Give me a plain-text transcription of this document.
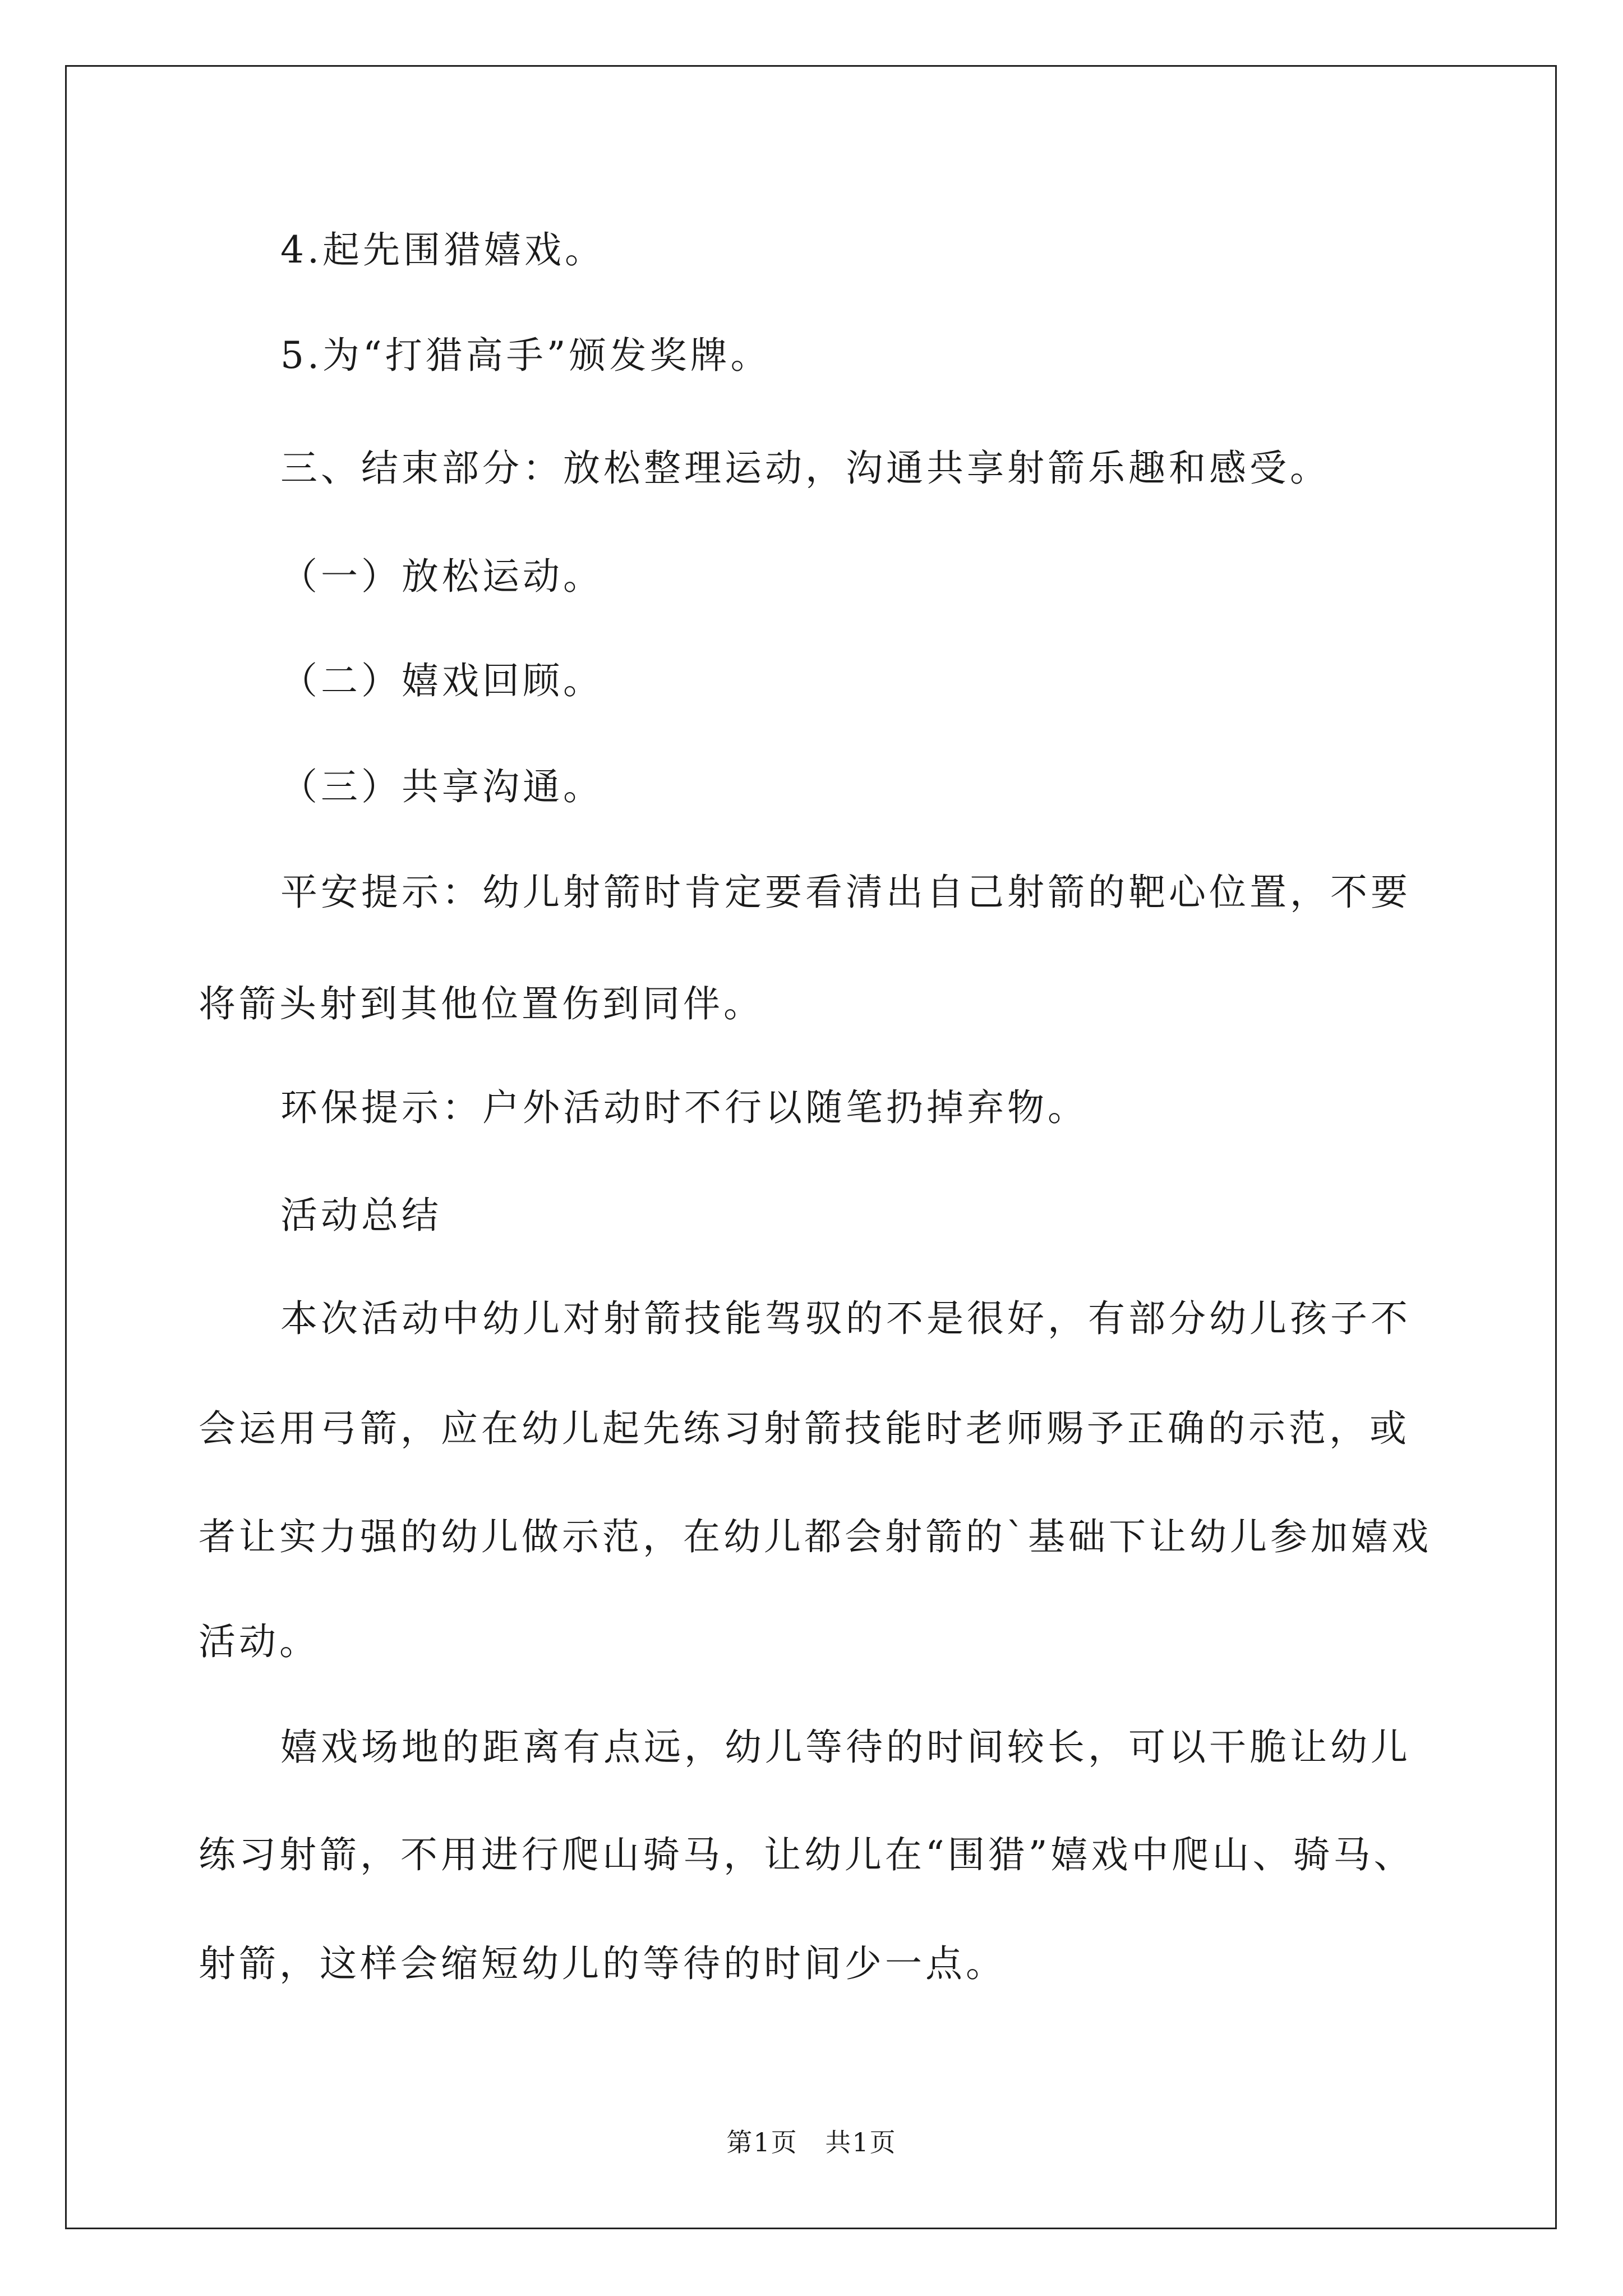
4.起先围猎嬉戏。

5.为“打猎高手”颁发奖牌。

三、结束部分：放松整理运动，沟通共享射箭乐趣和感受。

（一）放松运动。

（二）嬉戏回顾。

（三）共享沟通。

平安提示：幼儿射箭时肯定要看清出自己射箭的靶心位置，不要

将箭头射到其他位置伤到同伴。

环保提示：户外活动时不行以随笔扔掉弃物。

活动总结

本次活动中幼儿对射箭技能驾驭的不是很好，有部分幼儿孩子不

会运用弓箭，应在幼儿起先练习射箭技能时老师赐予正确的示范，或

者让实力强的幼儿做示范，在幼儿都会射箭的`基础下让幼儿参加嬉戏

活动。

嬉戏场地的距离有点远，幼儿等待的时间较长，可以干脆让幼儿

练习射箭，不用进行爬山骑马，让幼儿在“围猎”嬉戏中爬山、骑马、

射箭，这样会缩短幼儿的等待的时间少一点。

第1页 共1页
